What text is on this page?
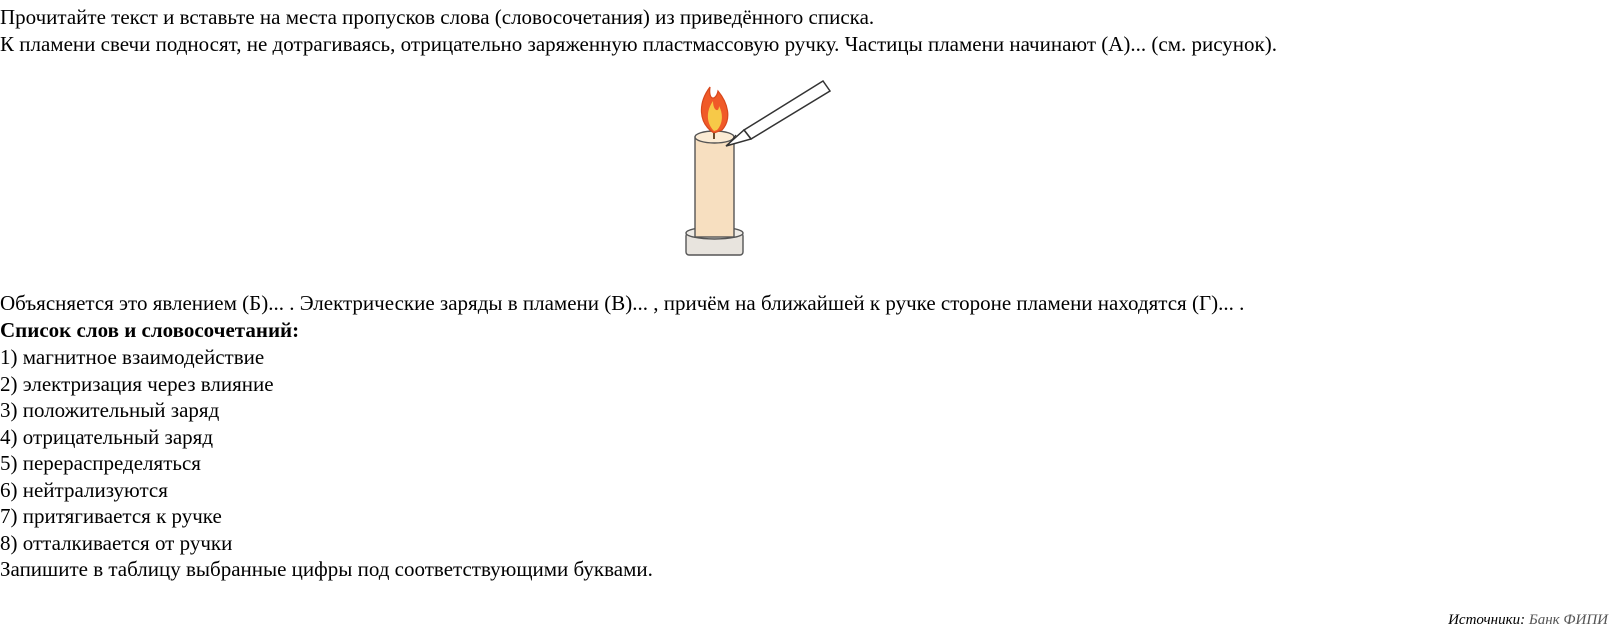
Прочитайте текст и вставьте на места пропусков слова (словосочетания) из приведённого списка.
К пламени свечи подносят, не дотрагиваясь, отрицательно заряженную пластмассовую ручку. Частицы пламени начинают (А)... (см. рисунок).
Объясняется это явлением (Б)... . Электрические заряды в пламени (В)... , причём на ближайшей к ручке стороне пламени находятся (Г)... .
Список слов и словосочетаний:
1) магнитное взаимодействие
2) электризация через влияние
3) положительный заряд
4) отрицательный заряд
5) перераспределяться
6) нейтрализуются
7) притягивается к ручке
8) отталкивается от ручки
Запишите в таблицу выбранные цифры под соответствующими буквами.
Источники: Банк ФИПИ
